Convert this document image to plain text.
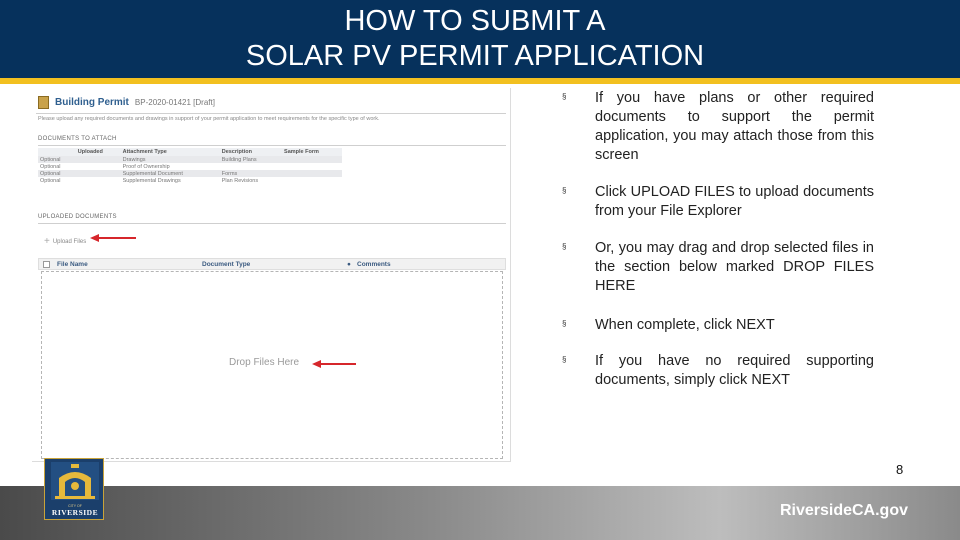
HOW TO SUBMIT A
SOLAR PV PERMIT APPLICATION
Building Permit BP-2020-01421 [Draft]
Please upload any required documents and drawings in support of your permit application to meet requirements for the specific type of work.
DOCUMENTS TO ATTACH
	Uploaded	Attachment Type	Description	Sample Form
Optional		Drawings	Building Plans	
Optional		Proof of Ownership		
Optional		Supplemental Document	Forms	
Optional		Supplemental Drawings	Plan Revisions	
UPLOADED DOCUMENTS
+ Upload Files
File Name	Document Type	● Comments
Drop Files Here
§	If you have plans or other required documents to support the permit application, you may attach those from this screen
§	Click UPLOAD FILES to upload documents from your File Explorer
§	Or, you may drag and drop selected files in the section below marked DROP FILES HERE
§	When complete, click NEXT
§	If you have no required supporting documents, simply click NEXT
8
RiversideCA.gov
CITY OF
RIVERSIDE
